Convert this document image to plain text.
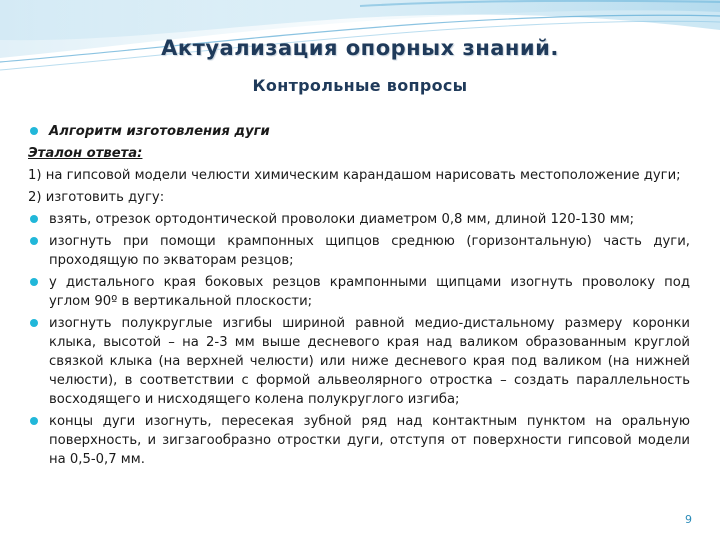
Актуализация опорных знаний.
Контрольные вопросы
Алгоритм изготовления дуги
Эталон ответа:
1) на гипсовой модели челюсти химическим карандашом нарисовать местоположение дуги;
2) изготовить дугу:
взять, отрезок ортодонтической проволоки диаметром 0,8 мм, длиной 120-130 мм;
изогнуть при помощи крампонных щипцов среднюю (горизонтальную) часть дуги, проходящую по экваторам резцов;
у дистального края боковых резцов крампонными щипцами изогнуть проволоку под углом 90º в вертикальной плоскости;
изогнуть полукруглые изгибы шириной равной медио-дистальному размеру коронки клыка, высотой – на 2-3 мм выше десневого края над валиком образованным круглой связкой клыка (на верхней челюсти) или ниже десневого края под валиком (на нижней челюсти), в соответствии с формой альвеолярного отростка – создать параллельность восходящего и нисходящего колена полукруглого изгиба;
концы дуги изогнуть, пересекая зубной ряд над контактным пунктом на оральную поверхность, и зигзагообразно отростки дуги, отступя от поверхности гипсовой модели на 0,5-0,7 мм.
9
